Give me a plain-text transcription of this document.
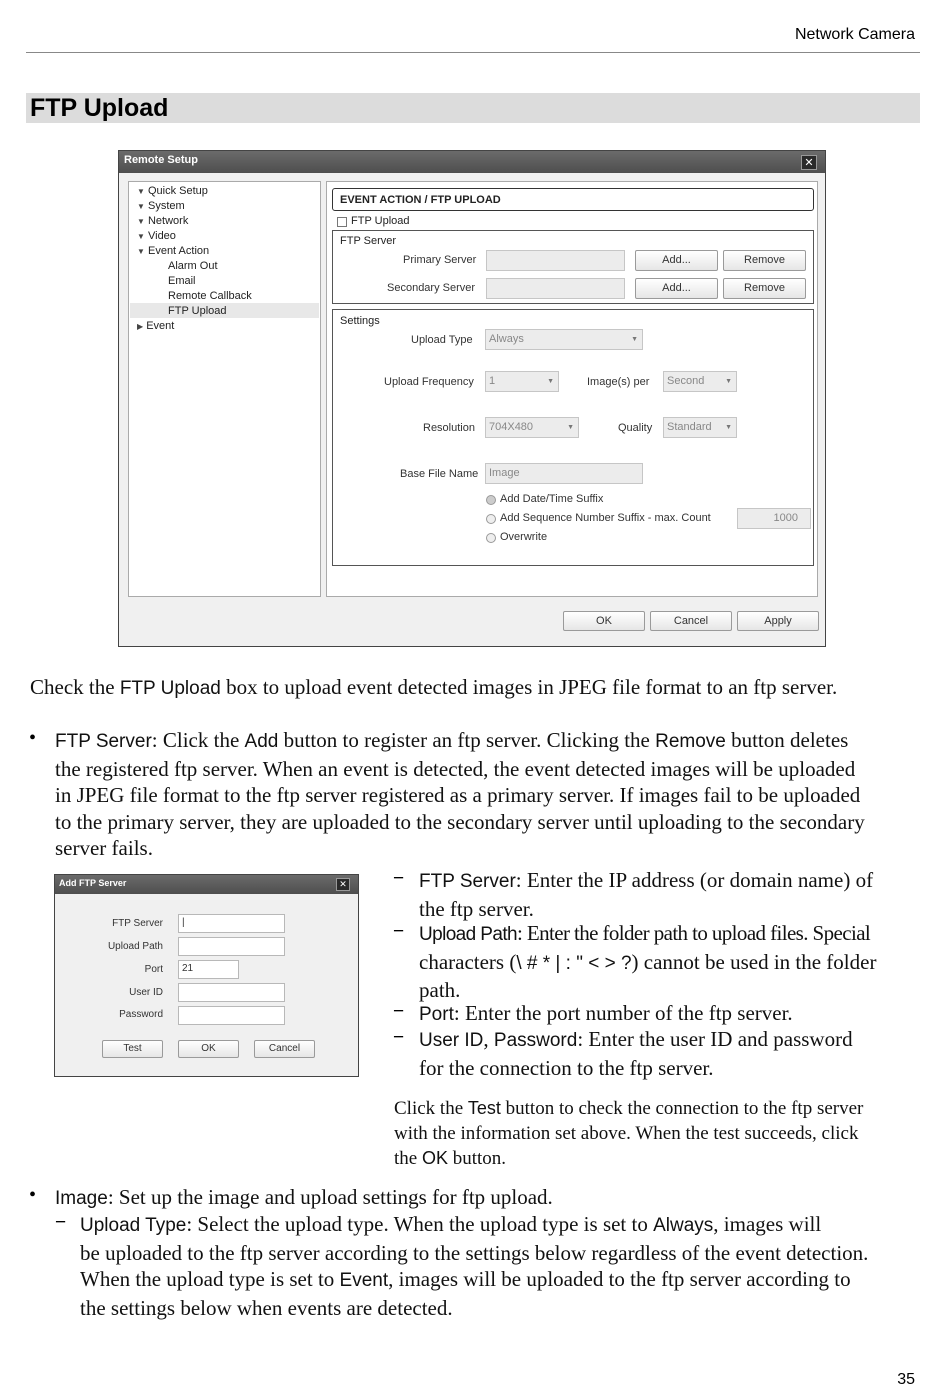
Network Camera
FTP Upload
Remote Setup	✕
▼ Quick Setup
▼ System
▼ Network
▼ Video
▼ Event Action
Alarm Out
Email
Remote Callback
FTP Upload
▶ Event
EVENT ACTION / FTP UPLOAD
FTP Upload
FTP Server
Primary Server	Add...	Remove
Secondary Server	Add...	Remove
Settings
Upload Type	Always	▼
Upload Frequency	1	▼	Image(s) per	Second	▼
Resolution	704X480	▼	Quality	Standard ▼
Base File Name Image
Add Date/Time Suffix
Add Sequence Number Suffix - max. Count	1000
Overwrite
OK	Cancel	Apply
Check the FTP Upload box to upload event detected images in JPEG file format to an ftp server.
• FTP Server: Click the Add button to register an ftp server. Clicking the Remove button deletes
the registered ftp server. When an event is detected, the event detected images will be uploaded
in JPEG file format to the ftp server registered as a primary server. If images fail to be uploaded
to the primary server, they are uploaded to the secondary server until uploading to the secondary
server fails.
Add FTP Server	✕
FTP Server	|
Upload Path
Port	21
User ID
Password
Test	OK	Cancel
− FTP Server: Enter the IP address (or domain name) of
the ftp server.
− Upload Path: Enter the folder path to upload files. Special
characters (\ # * | : " < > ?) cannot be used in the folder
path.
− Port: Enter the port number of the ftp server.
− User ID, Password: Enter the user ID and password
for the connection to the ftp server.
Click the Test button to check the connection to the ftp server
with the information set above. When the test succeeds, click
the OK button.
• Image: Set up the image and upload settings for ftp upload.
− Upload Type: Select the upload type. When the upload type is set to Always, images will
be uploaded to the ftp server according to the settings below regardless of the event detection.
When the upload type is set to Event, images will be uploaded to the ftp server according to
the settings below when events are detected.
35
